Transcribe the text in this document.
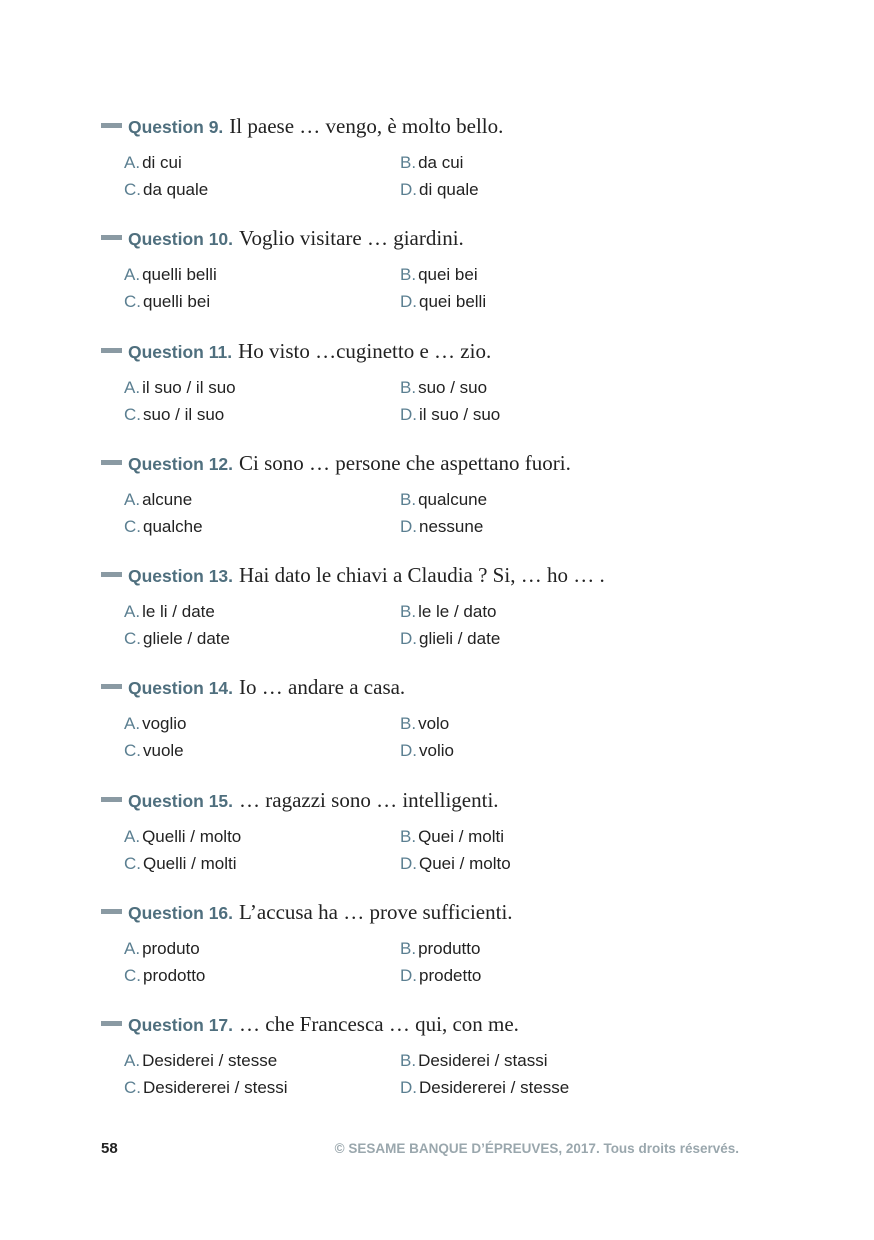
Question 9. Il paese … vengo, è molto bello.
A. di cui	B. da cui
C. da quale	D. di quale
Question 10. Voglio visitare … giardini.
A. quelli belli	B. quei bei
C. quelli bei	D. quei belli
Question 11. Ho visto …cuginetto e … zio.
A. il suo / il suo	B. suo / suo
C. suo / il suo	D. il suo / suo
Question 12. Ci sono … persone che aspettano fuori.
A. alcune	B. qualcune
C. qualche	D. nessune
Question 13. Hai dato le chiavi a Claudia ? Si, … ho … .
A. le li / date	B. le le / dato
C. gliele / date	D. glieli / date
Question 14. Io … andare a casa.
A. voglio	B. volo
C. vuole	D. volio
Question 15. … ragazzi sono … intelligenti.
A. Quelli / molto	B. Quei / molti
C. Quelli / molti	D. Quei / molto
Question 16. L’accusa ha … prove sufficienti.
A. produto	B. produtto
C. prodotto	D. prodetto
Question 17. … che Francesca … qui, con me.
A. Desiderei / stesse	B. Desiderei / stassi
C. Desidererei / stessi	D. Desidererei / stesse
58	© SESAME BANQUE D’ÉPREUVES, 2017. Tous droits réservés.
